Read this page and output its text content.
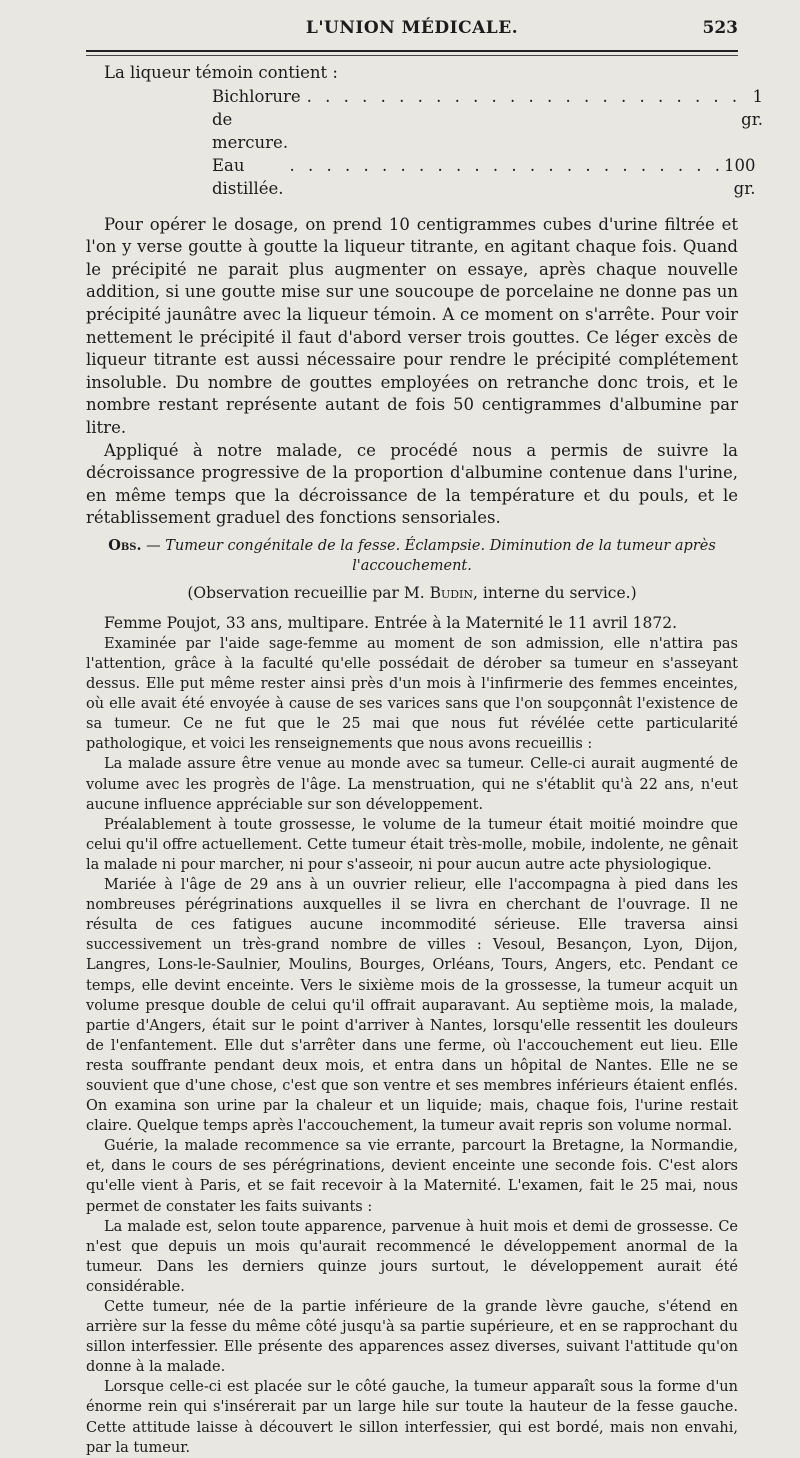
L'UNION MÉDICALE.	523

La liqueur témoin contient :

Bichlorure de mercure.
. . . . . . . . . . . . . . . . . . . . . . . . 1 gr.
Eau distillée.
. . . . . . . . . . . . . . . . . . . . . . . . 100 gr.

Pour opérer le dosage, on prend 10 centigrammes cubes d'urine filtrée et l'on y verse goutte à goutte la liqueur titrante, en agitant chaque fois. Quand le précipité ne parait plus augmenter on essaye, après chaque nouvelle addition, si une goutte mise sur une soucoupe de porcelaine ne donne pas un précipité jaunâtre avec la liqueur témoin. A ce moment on s'arrête. Pour voir nettement le précipité il faut d'abord verser trois gouttes. Ce léger excès de liqueur titrante est aussi nécessaire pour rendre le précipité complétement insoluble. Du nombre de gouttes employées on retranche donc trois, et le nombre restant représente autant de fois 50 centigrammes d'albumine par litre.

Appliqué à notre malade, ce procédé nous a permis de suivre la décroissance progressive de la proportion d'albumine contenue dans l'urine, en même temps que la décroissance de la température et du pouls, et le rétablissement graduel des fonctions sensoriales.

Obs. — Tumeur congénitale de la fesse. Éclampsie. Diminution de la tumeur après l'accouchement.
(Observation recueillie par M. Budin, interne du service.)

Femme Poujot, 33 ans, multipare. Entrée à la Maternité le 11 avril 1872.

Examinée par l'aide sage-femme au moment de son admission, elle n'attira pas l'attention, grâce à la faculté qu'elle possédait de dérober sa tumeur en s'asseyant dessus. Elle put même rester ainsi près d'un mois à l'infirmerie des femmes enceintes, où elle avait été envoyée à cause de ses varices sans que l'on soupçonnât l'existence de sa tumeur. Ce ne fut que le 25 mai que nous fut révélée cette particularité pathologique, et voici les renseignements que nous avons recueillis :

La malade assure être venue au monde avec sa tumeur. Celle-ci aurait augmenté de volume avec les progrès de l'âge. La menstruation, qui ne s'établit qu'à 22 ans, n'eut aucune influence appréciable sur son développement.

Préalablement à toute grossesse, le volume de la tumeur était moitié moindre que celui qu'il offre actuellement. Cette tumeur était très-molle, mobile, indolente, ne gênait la malade ni pour marcher, ni pour s'asseoir, ni pour aucun autre acte physiologique.

Mariée à l'âge de 29 ans à un ouvrier relieur, elle l'accompagna à pied dans les nombreuses pérégrinations auxquelles il se livra en cherchant de l'ouvrage. Il ne résulta de ces fatigues aucune incommodité sérieuse. Elle traversa ainsi successivement un très-grand nombre de villes : Vesoul, Besançon, Lyon, Dijon, Langres, Lons-le-Saulnier, Moulins, Bourges, Orléans, Tours, Angers, etc. Pendant ce temps, elle devint enceinte. Vers le sixième mois de la grossesse, la tumeur acquit un volume presque double de celui qu'il offrait auparavant. Au septième mois, la malade, partie d'Angers, était sur le point d'arriver à Nantes, lorsqu'elle ressentit les douleurs de l'enfantement. Elle dut s'arrêter dans une ferme, où l'accouchement eut lieu. Elle resta souffrante pendant deux mois, et entra dans un hôpital de Nantes. Elle ne se souvient que d'une chose, c'est que son ventre et ses membres inférieurs étaient enflés. On examina son urine par la chaleur et un liquide; mais, chaque fois, l'urine restait claire. Quelque temps après l'accouchement, la tumeur avait repris son volume normal.

Guérie, la malade recommence sa vie errante, parcourt la Bretagne, la Normandie, et, dans le cours de ses pérégrinations, devient enceinte une seconde fois. C'est alors qu'elle vient à Paris, et se fait recevoir à la Maternité. L'examen, fait le 25 mai, nous permet de constater les faits suivants :

La malade est, selon toute apparence, parvenue à huit mois et demi de grossesse. Ce n'est que depuis un mois qu'aurait recommencé le développement anormal de la tumeur. Dans les derniers quinze jours surtout, le développement aurait été considérable.

Cette tumeur, née de la partie inférieure de la grande lèvre gauche, s'étend en arrière sur la fesse du même côté jusqu'à sa partie supérieure, et en se rapprochant du sillon interfessier. Elle présente des apparences assez diverses, suivant l'attitude qu'on donne à la malade.

Lorsque celle-ci est placée sur le côté gauche, la tumeur apparaît sous la forme d'un énorme rein qui s'insérerait par un large hile sur toute la hauteur de la fesse gauche. Cette attitude laisse à découvert le sillon interfessier, qui est bordé, mais non envahi, par la tumeur.
